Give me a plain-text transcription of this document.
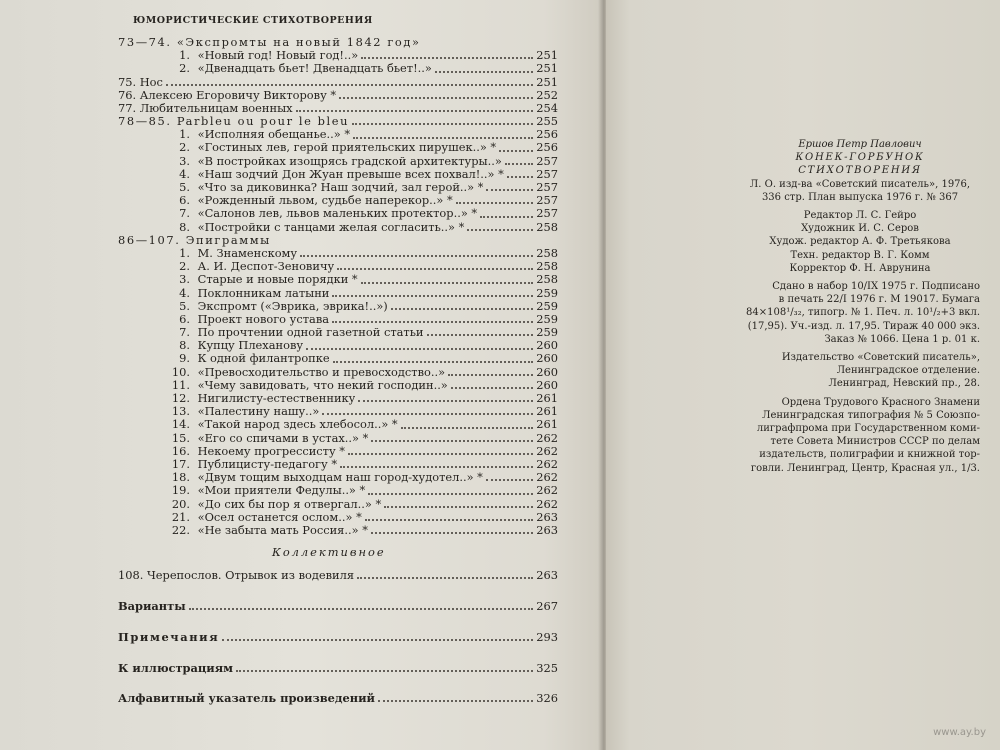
ЮМОРИСТИЧЕСКИЕ СТИХОТВОРЕНИЯ
73—74. «Экспромты на новый 1842 год»
1. «Новый год! Новый год!..»	251
2. «Двенадцать бьет! Двенадцать бьет!..»	251
75. Нос	251
76. Алексею Егоровичу Викторову *	252
77. Любительницам военных	254
78—85. Parbleu ou pour le bleu	255
1. «Исполняя обещанье..» *	256
2. «Гостиных лев, герой приятельских пирушек..» *	256
3. «В постройках изощрясь градской архитектуры..»	257
4. «Наш зодчий Дон Жуан превыше всех похвал!..» *	257
5. «Что за диковинка? Наш зодчий, зал герой..» *	257
6. «Рожденный львом, судьбе наперекор..» *	257
7. «Салонов лев, львов маленьких протектор..» *	257
8. «Постройки с танцами желая согласить..» *	258
86—107. Эпиграммы
1. М. Знаменскому	258
2. А. И. Деспот-Зеновичу	258
3. Старые и новые порядки *	258
4. Поклонникам латыни	259
5. Экспромт («Эврика, эврика!..»)	259
6. Проект нового устава	259
7. По прочтении одной газетной статьи	259
8. Купцу Плеханову	260
9. К одной филантропке	260
10. «Превосходительство и превосходство..»	260
11. «Чему завидовать, что некий господин..»	260
12. Нигилисту-естественнику	261
13. «Палестину нашу..»	261
14. «Такой народ здесь хлебосол..» *	261
15. «Его со спичами в устах..» *	262
16. Некоему прогрессисту *	262
17. Публицисту-педагогу *	262
18. «Двум тощим выходцам наш город-худотел..» *	262
19. «Мои приятели Федулы..» *	262
20. «До сих бы пор я отвергал..» *	262
21. «Осел останется ослом..» *	263
22. «Не забыта мать Россия..» *	263
Коллективное
108. Черепослов. Отрывок из водевиля	263
Варианты	267
Примечания	293
К иллюстрациям	325
Алфавитный указатель произведений	326
Ершов Петр Павлович
КОНЕК-ГОРБУНОК
СТИХОТВОРЕНИЯ
Л. О. изд-ва «Советский писатель», 1976,
336 стр. План выпуска 1976 г. № 367
Редактор Л. С. Гейро
Художник И. С. Серов
Худож. редактор А. Ф. Третьякова
Техн. редактор В. Г. Комм
Корректор Ф. Н. Аврунина
Сдано в набор 10/IX 1975 г. Подписано
в печать 22/I 1976 г. М 19017. Бумага
84×108¹/₃₂, типогр. № 1. Печ. л. 10¹/₂+3 вкл.
(17,95). Уч.-изд. л. 17,95. Тираж 40 000 экз.
Заказ № 1066. Цена 1 р. 01 к.
Издательство «Советский писатель»,
Ленинградское отделение.
Ленинград, Невский пр., 28.
Ордена Трудового Красного Знамени
Ленинградская типография № 5 Союзпо-
лиграфпрома при Государственном коми-
тете Совета Министров СССР по делам
издательств, полиграфии и книжной тор-
говли. Ленинград, Центр, Красная ул., 1/3.
www.ay.by
